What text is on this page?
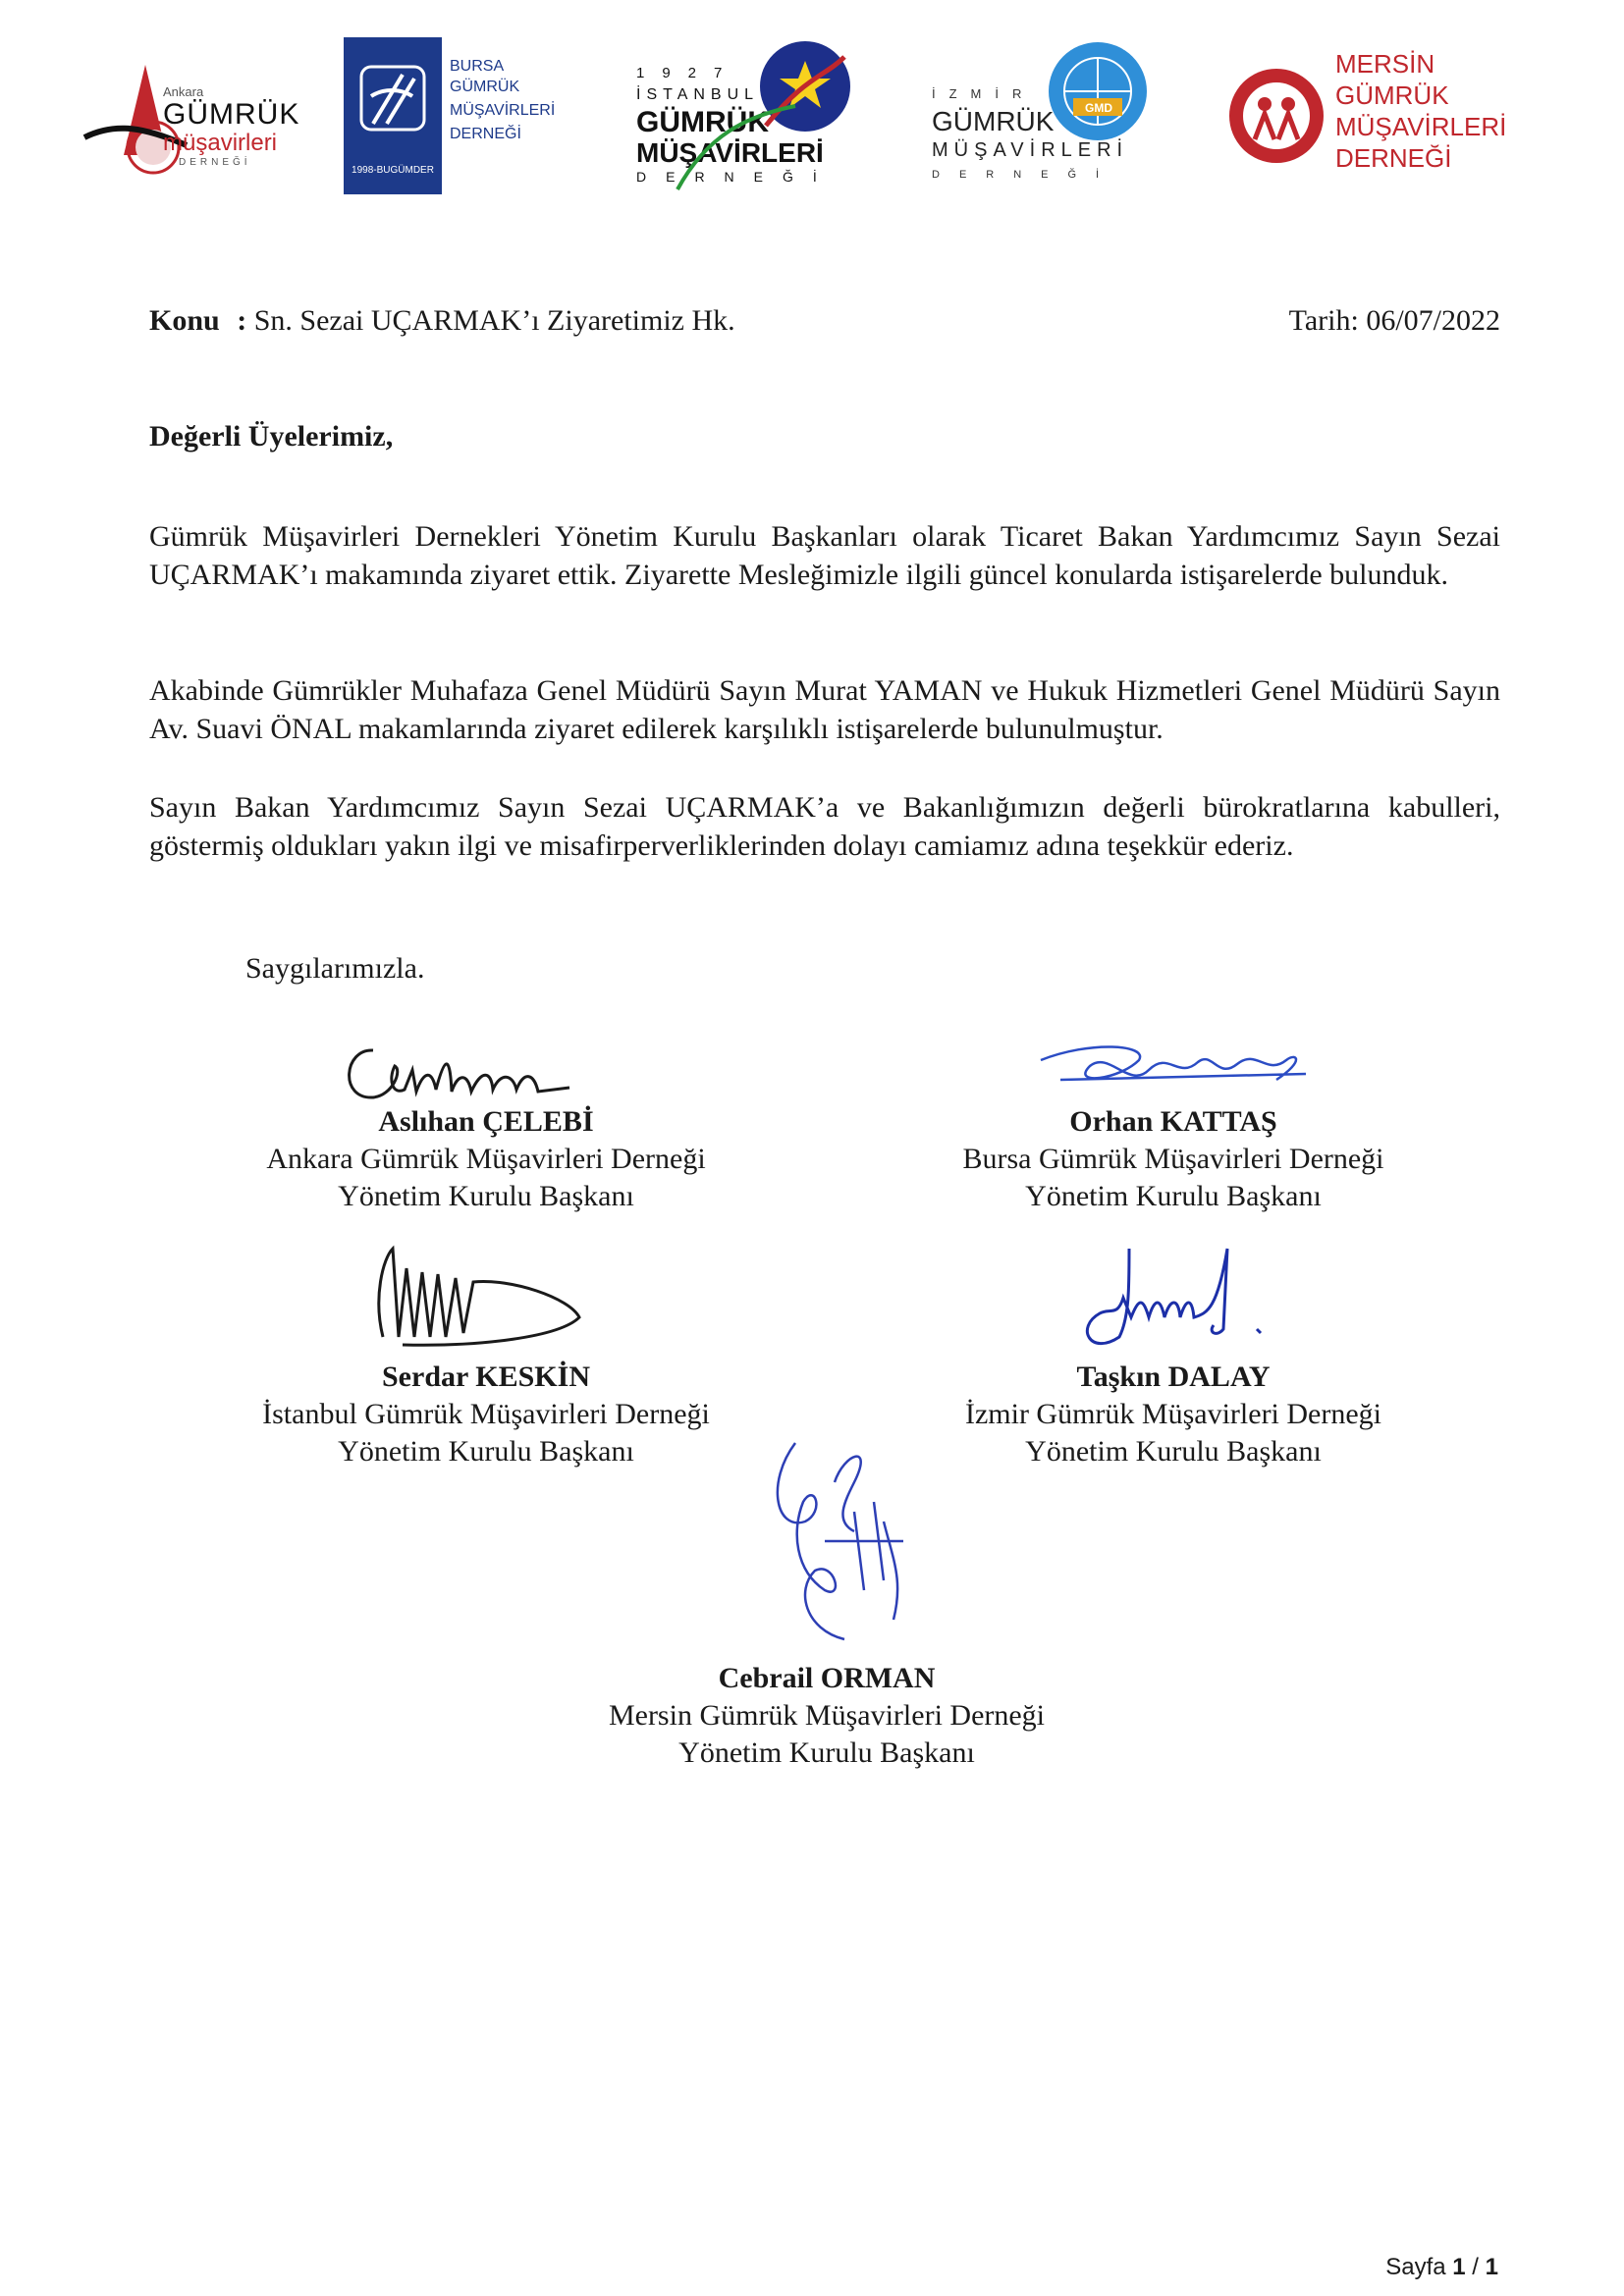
Ankara
GÜMRÜK
müşavirleri
DERNEĞİ
1998-BUGÜMDER
BURSA
GÜMRÜK
MÜŞAVİRLERİ
DERNEĞİ
1927
İSTANBUL
GÜMRÜK
MÜŞAVİRLERİ
DERNEĞİ
GMD
İZMİR
GÜMRÜK
MÜŞAVİRLERİ
DERNEĞİ
MERSİN
GÜMRÜK
MÜŞAVİRLERİ
DERNEĞİ
Konu : Sn. Sezai UÇARMAK’ı Ziyaretimiz Hk.	Tarih: 06/07/2022
Değerli Üyelerimiz,

Gümrük Müşavirleri Dernekleri Yönetim Kurulu Başkanları olarak Ticaret Bakan Yardımcımız Sayın Sezai UÇARMAK’ı makamında ziyaret ettik. Ziyarette Mesleğimizle ilgili güncel konularda istişarelerde bulunduk.

Akabinde Gümrükler Muhafaza Genel Müdürü Sayın Murat YAMAN ve Hukuk Hizmetleri Genel Müdürü Sayın Av. Suavi ÖNAL makamlarında ziyaret edilerek karşılıklı istişarelerde bulunulmuştur.

Sayın Bakan Yardımcımız Sayın Sezai UÇARMAK’a ve Bakanlığımızın değerli bürokratlarına kabulleri, göstermiş oldukları yakın ilgi ve misafirperverliklerinden dolayı camiamız adına teşekkür ederiz.

Saygılarımızla.
Aslıhan ÇELEBİ
Ankara Gümrük Müşavirleri Derneği
Yönetim Kurulu Başkanı
Orhan KATTAŞ
Bursa Gümrük Müşavirleri Derneği
Yönetim Kurulu Başkanı
Serdar KESKİN
İstanbul Gümrük Müşavirleri Derneği
Yönetim Kurulu Başkanı
Taşkın DALAY
İzmir Gümrük Müşavirleri Derneği
Yönetim Kurulu Başkanı
Cebrail ORMAN
Mersin Gümrük Müşavirleri Derneği
Yönetim Kurulu Başkanı
Sayfa 1 / 1
